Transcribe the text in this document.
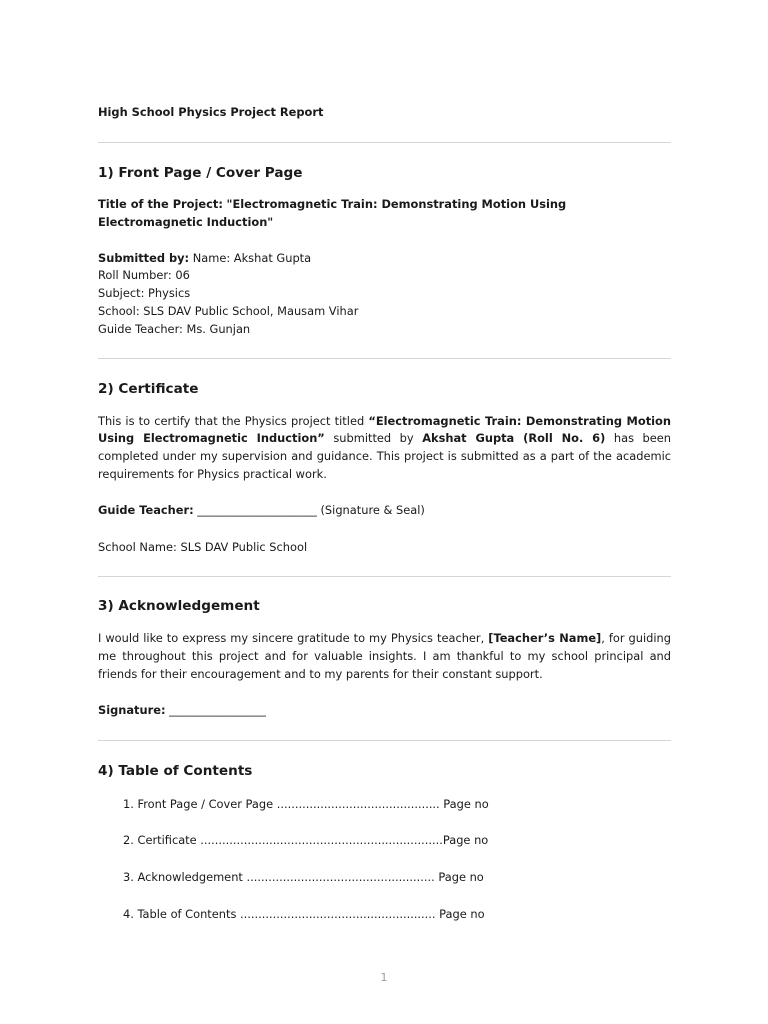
High School Physics Project Report

1) Front Page / Cover Page

Title of the Project: "Electromagnetic Train: Demonstrating Motion Using Electromagnetic Induction"

Submitted by: Name: Akshat Gupta

Roll Number: 06

Subject: Physics

School: SLS DAV Public School, Mausam Vihar

Guide Teacher: Ms. Gunjan

2) Certificate

This is to certify that the Physics project titled “Electromagnetic Train: Demonstrating Motion Using Electromagnetic Induction” submitted by Akshat Gupta (Roll No. 6) has been completed under my supervision and guidance. This project is submitted as a part of the academic requirements for Physics practical work.

Guide Teacher: _____________________ (Signature & Seal)

School Name: SLS DAV Public School

3) Acknowledgement

I would like to express my sincere gratitude to my Physics teacher, [Teacher’s Name], for guiding me throughout this project and for valuable insights. I am thankful to my school principal and friends for their encouragement and to my parents for their constant support.

Signature: _________________

4) Table of Contents
1. Front Page / Cover Page ............................................. Page no
2. Certificate ...................................................................Page no
3. Acknowledgement .................................................... Page no
4. Table of Contents ...................................................... Page no
1
